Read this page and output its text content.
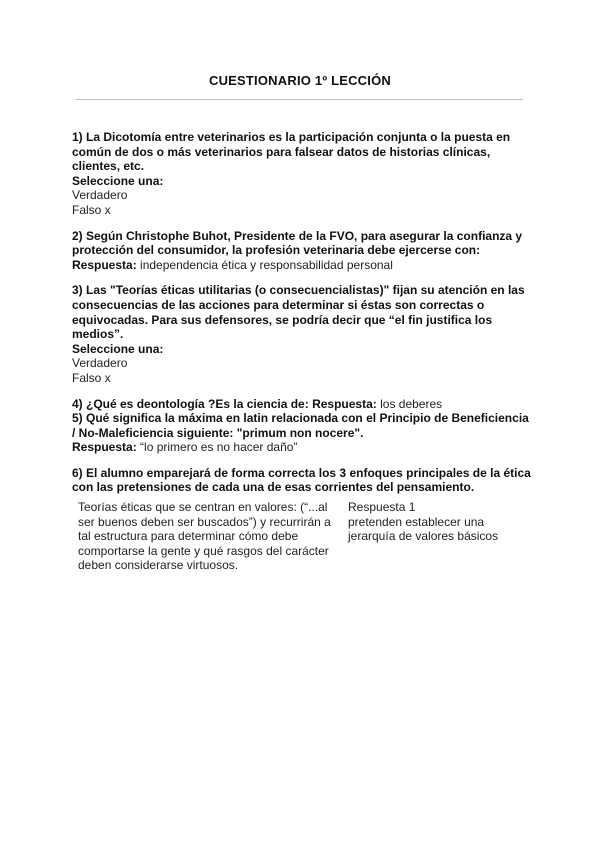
CUESTIONARIO 1º LECCIÓN
1) La Dicotomía entre veterinarios es la participación conjunta o la puesta en común de dos o más veterinarios para falsear datos de historias clínicas, clientes, etc.
Seleccione una:
Verdadero
Falso x
2) Según Christophe Buhot, Presidente de la FVO, para asegurar la confianza y protección del consumidor, la profesión veterinaria debe ejercerse con:
Respuesta: independencia ética y responsabilidad personal
3) Las "Teorías éticas utilitarias (o consecuencialistas)" fijan su atención en las consecuencias de las acciones para determinar si éstas son correctas o equivocadas. Para sus defensores, se podría decir que “el fin justifica los medios”.
Seleccione una:
Verdadero
Falso x
4) ¿Qué es deontología ?Es la ciencia de: Respuesta: los deberes
5) Qué significa la máxima en latin relacionada con el Principio de Beneficiencia / No-Maleficiencia siguiente: "primum non nocere".
Respuesta: “lo primero es no hacer daño”
6) El alumno emparejará de forma correcta los 3 enfoques principales de la ética con las pretensiones de cada una de esas corrientes del pensamiento.
Teorías éticas que se centran en valores: (“...al ser buenos deben ser buscados”) y recurrirán a tal estructura para determinar cómo debe comportarse la gente y qué rasgos del carácter deben considerarse virtuosos.
Respuesta 1
pretenden establecer una jerarquía de valores básicos
